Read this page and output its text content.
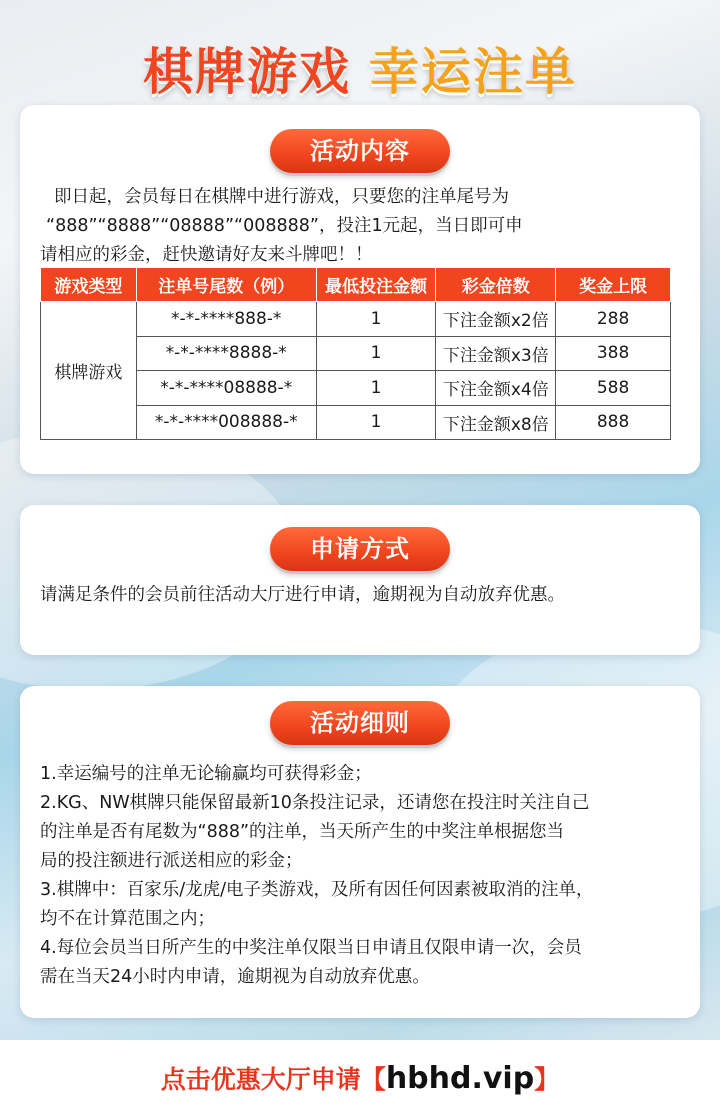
棋牌游戏 幸运注单
活动内容
即日起，会员每日在棋牌中进行游戏，只要您的注单尾号为
“888”“8888”“08888”“008888”，投注1元起，当日即可申
请相应的彩金，赶快邀请好友来斗牌吧！！
游戏类型	注单号尾数（例）	最低投注金额	彩金倍数	奖金上限
棋牌游戏	*-*-****888-*	1	下注金额x2倍	288
	*-*-****8888-*	1	下注金额x3倍	388
	*-*-****08888-*	1	下注金额x4倍	588
	*-*-****008888-*	1	下注金额x8倍	888
申请方式
请满足条件的会员前往活动大厅进行申请，逾期视为自动放弃优惠。
活动细则
1.幸运编号的注单无论输赢均可获得彩金；
2.KG、NW棋牌只能保留最新10条投注记录，还请您在投注时关注自己
的注单是否有尾数为“888”的注单，当天所产生的中奖注单根据您当
局的投注额进行派送相应的彩金；
3.棋牌中：百家乐/龙虎/电子类游戏，及所有因任何因素被取消的注单，
均不在计算范围之内；
4.每位会员当日所产生的中奖注单仅限当日申请且仅限申请一次，会员
需在当天24小时内申请，逾期视为自动放弃优惠。
点击优惠大厅申请【hbhd.vip】
